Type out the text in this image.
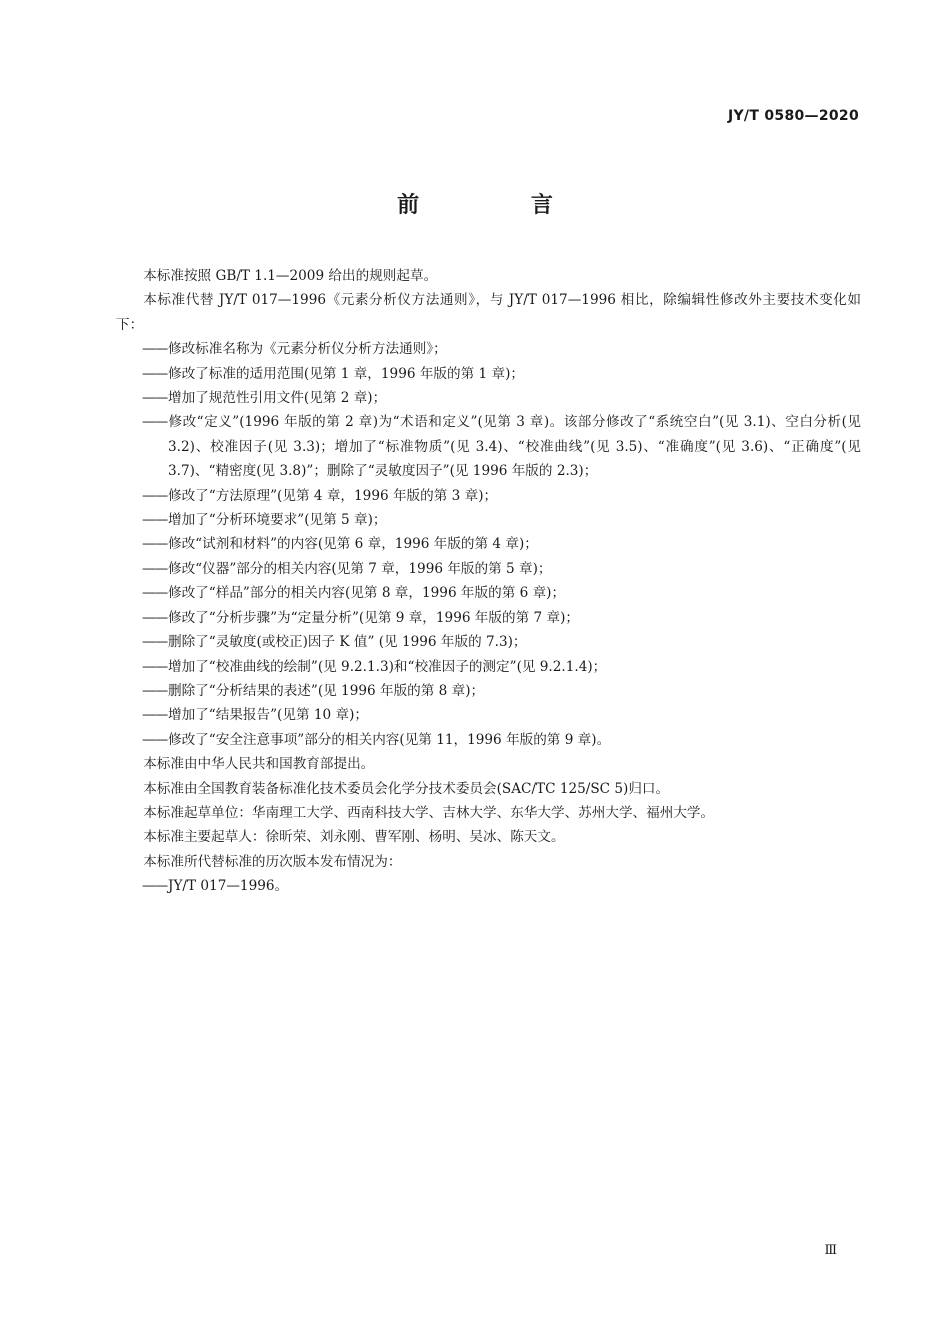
JY/T 0580—2020
前 言

本标准按照 GB/T 1.1—2009 给出的规则起草。

本标准代替 JY/T 017—1996《元素分析仪方法通则》，与 JY/T 017—1996 相比，除编辑性修改外主要技术变化如下：

——修改标准名称为《元素分析仪分析方法通则》；

——修改了标准的适用范围(见第 1 章，1996 年版的第 1 章)；

——增加了规范性引用文件(见第 2 章)；

——修改“定义”(1996 年版的第 2 章)为“术语和定义”(见第 3 章)。该部分修改了“系统空白”(见 3.1)、空白分析(见 3.2)、校准因子(见 3.3)；增加了“标准物质”(见 3.4)、“校准曲线”(见 3.5)、“准确度”(见 3.6)、“正确度”(见 3.7)、“精密度(见 3.8)”；删除了“灵敏度因子”(见 1996 年版的 2.3)；

——修改了“方法原理”(见第 4 章，1996 年版的第 3 章)；

——增加了“分析环境要求”(见第 5 章)；

——修改“试剂和材料”的内容(见第 6 章，1996 年版的第 4 章)；

——修改“仪器”部分的相关内容(见第 7 章，1996 年版的第 5 章)；

——修改了“样品”部分的相关内容(见第 8 章，1996 年版的第 6 章)；

——修改了“分析步骤”为“定量分析”(见第 9 章，1996 年版的第 7 章)；

——删除了“灵敏度(或校正)因子 K 值” (见 1996 年版的 7.3)；

——增加了“校准曲线的绘制”(见 9.2.1.3)和“校准因子的测定”(见 9.2.1.4)；

——删除了“分析结果的表述”(见 1996 年版的第 8 章)；

——增加了“结果报告”(见第 10 章)；

——修改了“安全注意事项”部分的相关内容(见第 11，1996 年版的第 9 章)。

本标准由中华人民共和国教育部提出。

本标准由全国教育装备标准化技术委员会化学分技术委员会(SAC/TC 125/SC 5)归口。

本标准起草单位：华南理工大学、西南科技大学、吉林大学、东华大学、苏州大学、福州大学。

本标准主要起草人：徐昕荣、刘永刚、曹军刚、杨明、吴冰、陈天文。

本标准所代替标准的历次版本发布情况为：

——JY/T 017—1996。

Ⅲ
